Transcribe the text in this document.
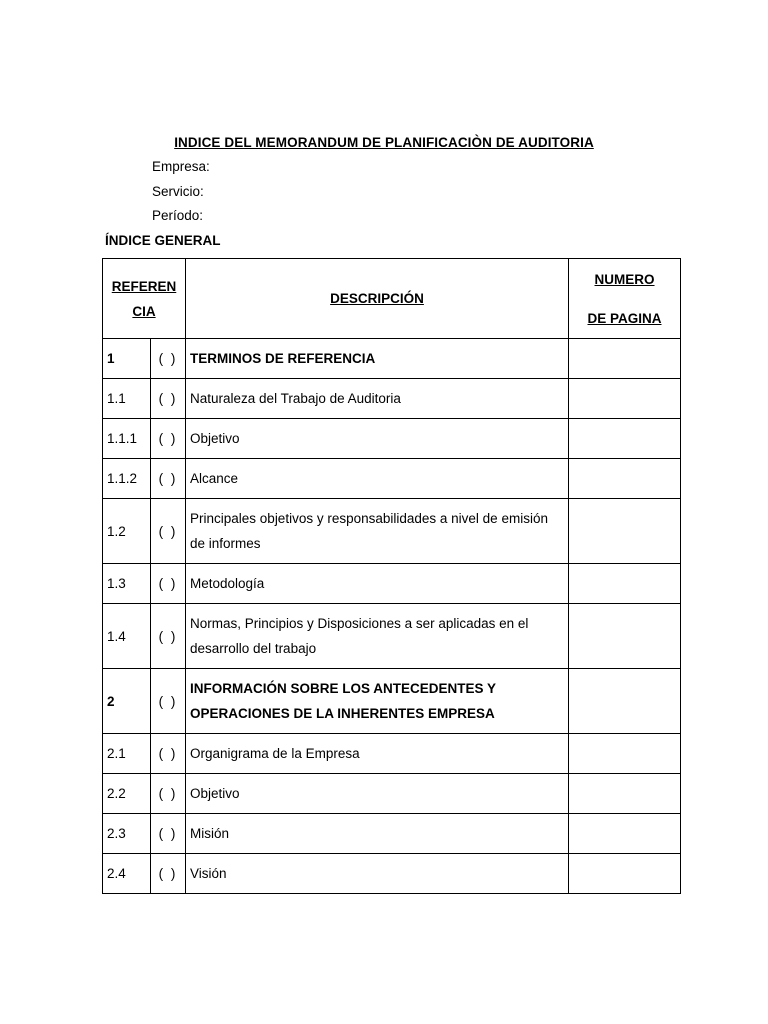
INDICE DEL MEMORANDUM DE PLANIFICACIÒN DE AUDITORIA
Empresa:
Servicio:
Período:
ÍNDICE GENERAL
REFEREN
CIA		DESCRIPCIÓN	NUMERO
DE PAGINA

1	( )	TERMINOS DE REFERENCIA	
1.1	( )	Naturaleza del Trabajo de Auditoria	
1.1.1	( )	Objetivo	
1.1.2	( )	Alcance	
1.2	( )	Principales objetivos y responsabilidades a nivel de emisión de informes	
1.3	( )	Metodología	
1.4	( )	Normas, Principios y Disposiciones a ser aplicadas en el desarrollo del trabajo	
2	( )	INFORMACIÓN SOBRE LOS ANTECEDENTES Y OPERACIONES DE LA INHERENTES EMPRESA	
2.1	( )	Organigrama de la Empresa	
2.2	( )	Objetivo	
2.3	( )	Misión	
2.4	( )	Visión	
